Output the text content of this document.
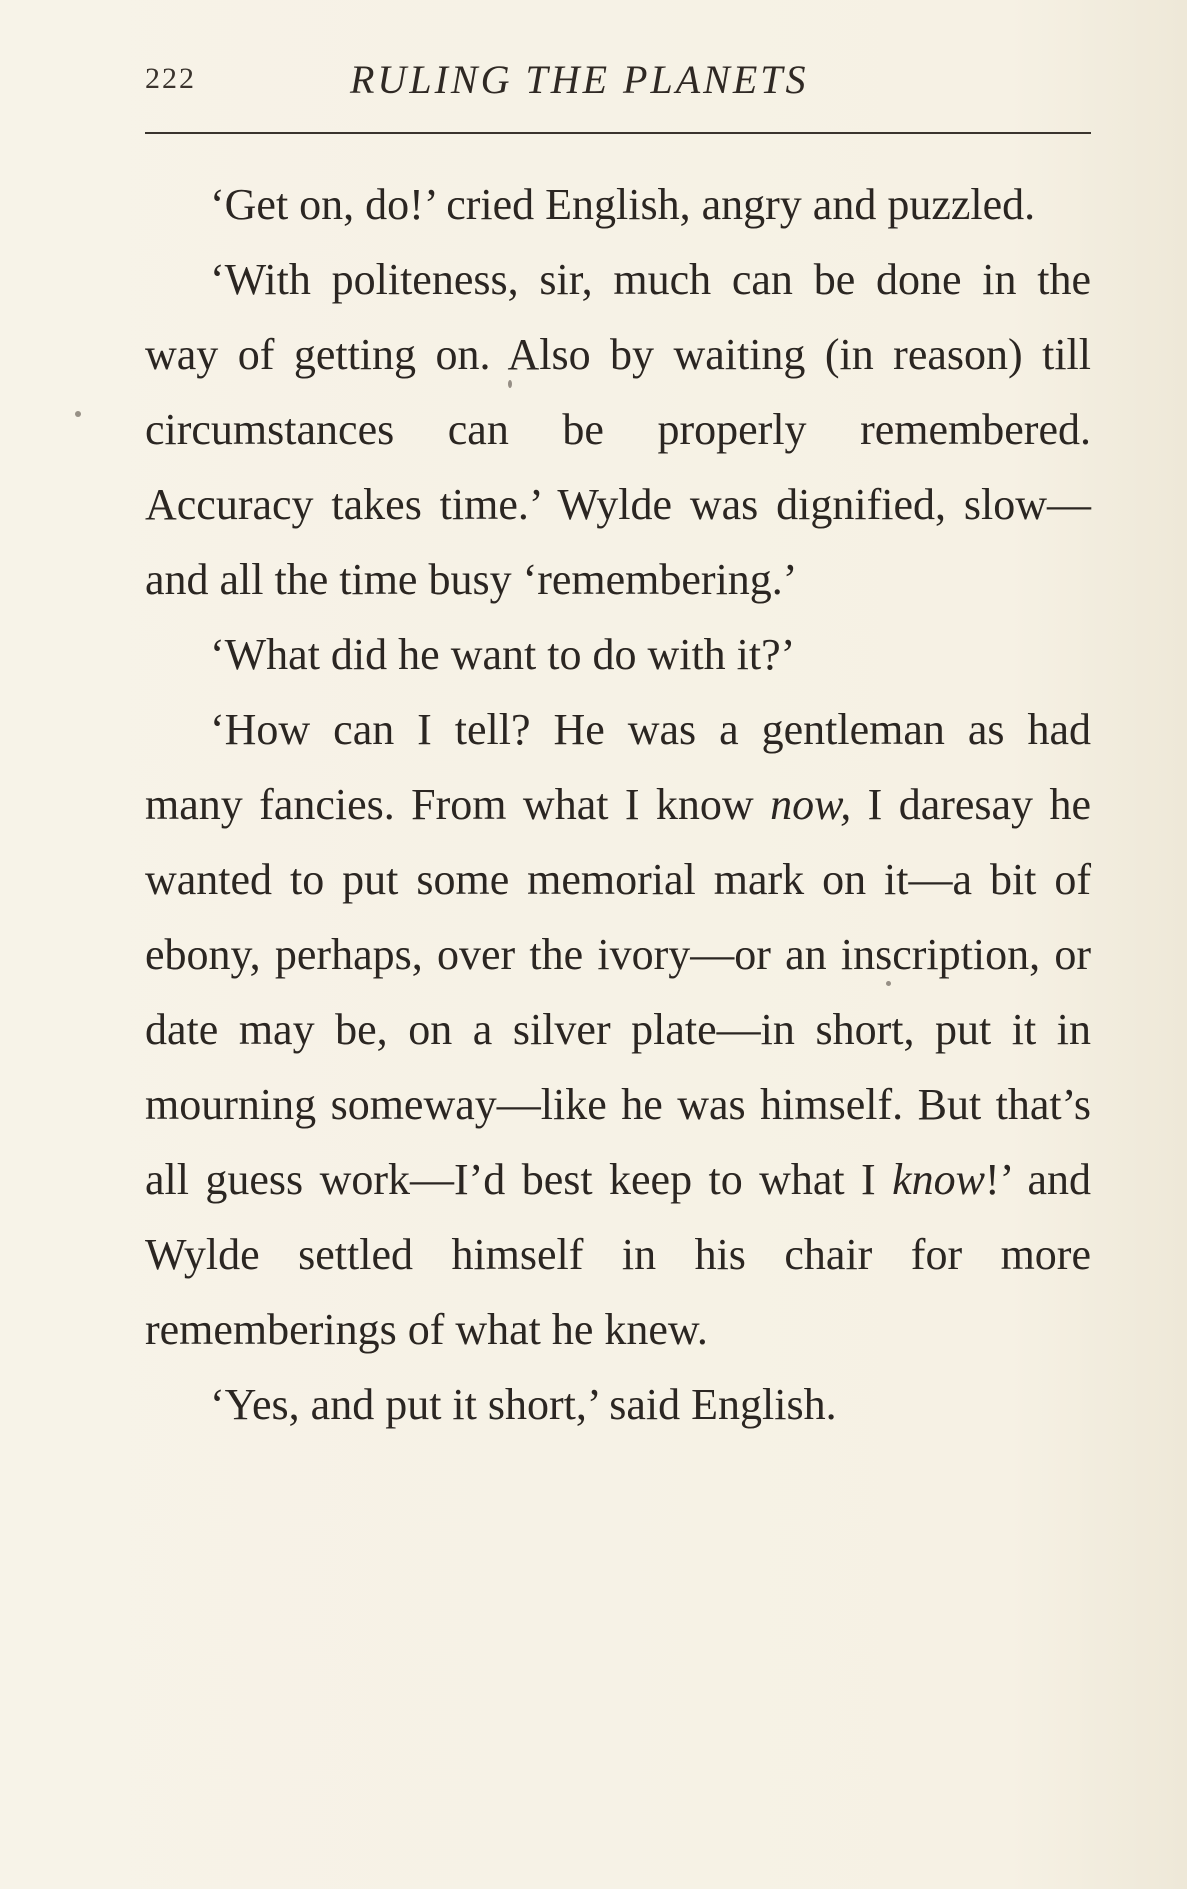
222	RULING THE PLANETS

‘Get on, do!’ cried English, angry and puzzled.

‘With politeness, sir, much can be done in the way of getting on. Also by waiting (in reason) till circumstances can be properly remembered. Accuracy takes time.’ Wylde was dignified, slow—and all the time busy ‘remembering.’

‘What did he want to do with it?’

‘How can I tell? He was a gentleman as had many fancies. From what I know now, I daresay he wanted to put some memorial mark on it—a bit of ebony, perhaps, over the ivory—or an inscription, or date may be, on a silver plate—in short, put it in mourning someway—like he was himself. But that’s all guess work—I’d best keep to what I know!’ and Wylde settled himself in his chair for more rememberings of what he knew.

‘Yes, and put it short,’ said English.
